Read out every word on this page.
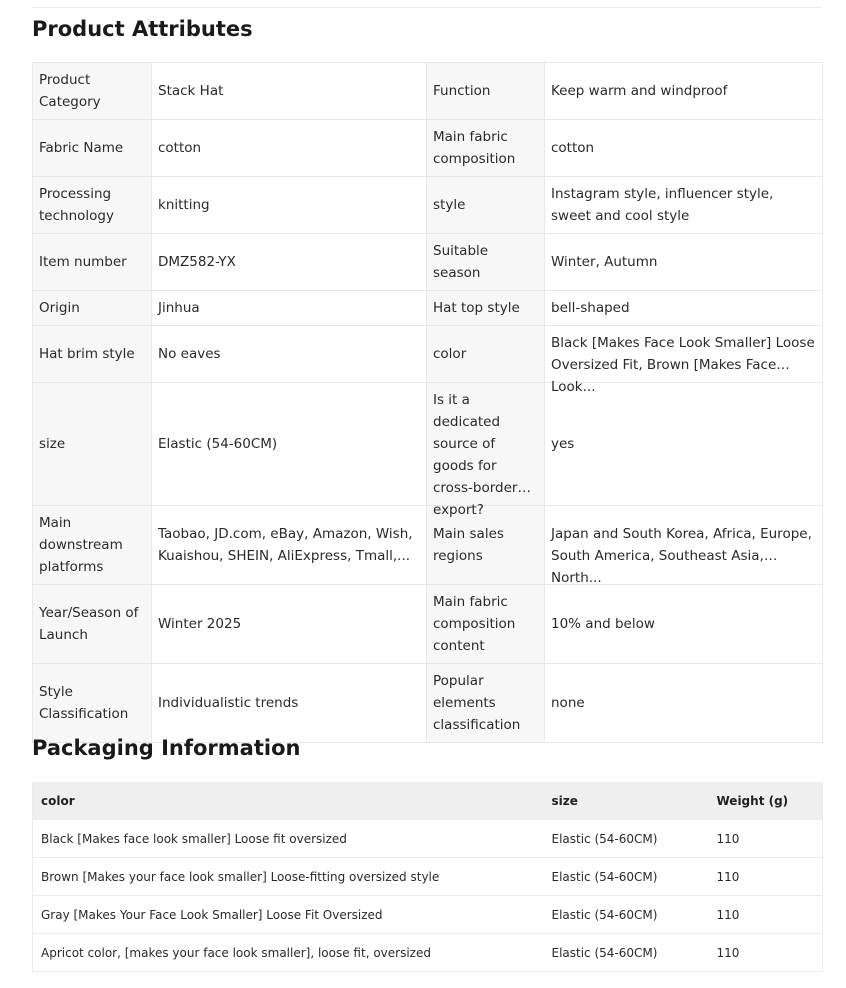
Product Attributes
Product Category	Stack Hat	Function	Keep warm and windproof

Fabric Name	cotton	Main fabric composition	cotton

Processing technology	knitting	style	Instagram style, influencer style, sweet and cool style

Item number	DMZ582-YX	Suitable season	Winter, Autumn

Origin	Jinhua	Hat top style	bell-shaped

Hat brim style	No eaves	color	Black [Makes Face Look Smaller] Loose Oversized Fit, Brown [Makes Face Look...

size	Elastic (54-60CM)	Is it a dedicated source of goods for cross-border export?	yes

Main downstream platforms	Taobao, JD.com, eBay, Amazon, Wish, Kuaishou, SHEIN, AliExpress, Tmall,...	Main sales regions	Japan and South Korea, Africa, Europe, South America, Southeast Asia, North...

Year/Season of Launch	Winter 2025	Main fabric composition content	10% and below

Style Classification	Individualistic trends	Popular elements classification	none
Packaging Information
color	size	Weight (g)
Black [Makes face look smaller] Loose fit oversized	Elastic (54-60CM)	110
Brown [Makes your face look smaller] Loose-fitting oversized style	Elastic (54-60CM)	110
Gray [Makes Your Face Look Smaller] Loose Fit Oversized	Elastic (54-60CM)	110
Apricot color, [makes your face look smaller], loose fit, oversized	Elastic (54-60CM)	110
